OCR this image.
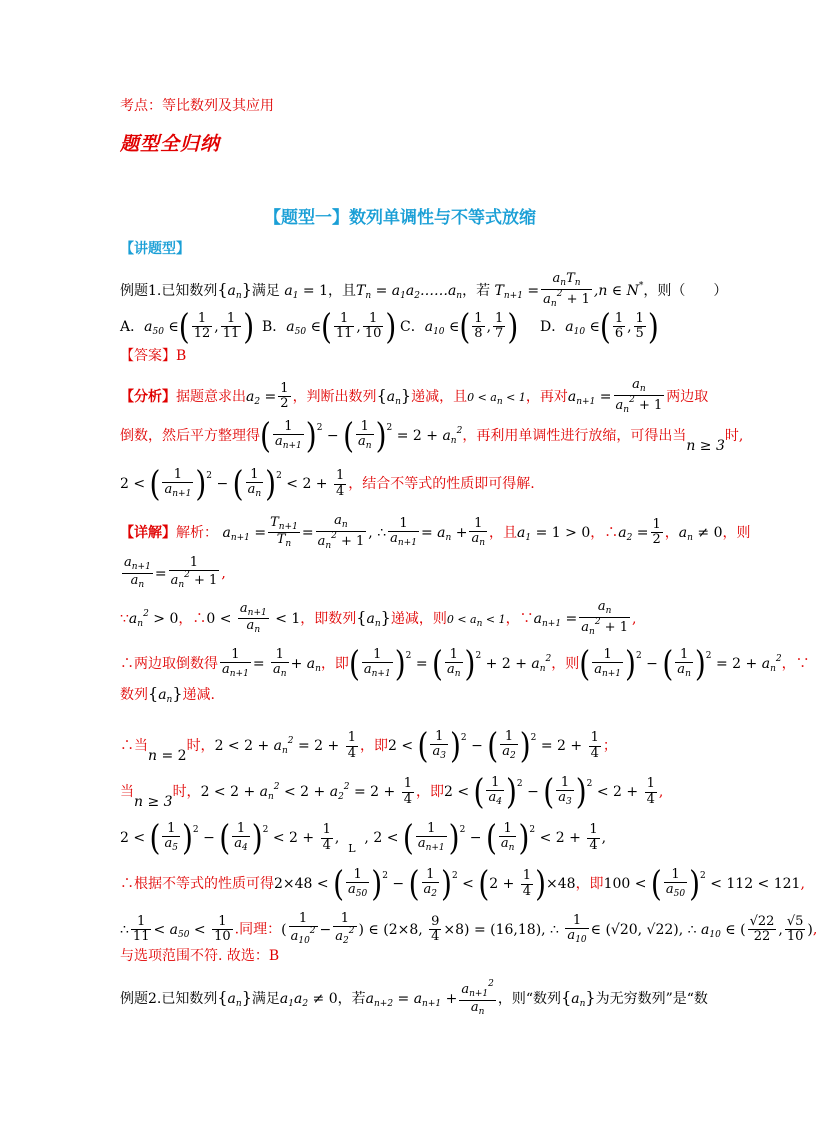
考点：等比数列及其应用
题型全归纳
【题型一】数列单调性与不等式放缩
【讲题型】
例题1.已知数列$\{a_n\}$满足 $a_1 = 1$，且$T_n$ = $a_1a_2\dots\dots a_n$，若 $T_{n+1} = \frac{a_nT_n}{a_n^2 + 1} ,n$ ∈ N*，则（　　）
A．$a_{50}$ ∈( $\frac{1}{12}$ , $\frac{1}{11}$ ) B．$a_{50}$ ∈( $\frac{1}{11}$ , $\frac{1}{10}$ ) C．$a_{10}$ ∈( $\frac{1}{8}$ , $\frac{1}{7}$ ) D．$a_{10}$ ∈( $\frac{1}{6}$ , $\frac{1}{5}$ )
【答案】B
【分析】据题意求出$a_2 = \frac{1}{2}$ ，判断出数列$\{a_n\}$递减，且$0 < a_n < 1$，再对$a_{n+1} = \frac{a_n}{a_n^2 + 1}$ 两边取
倒数，然后平方整理得( $\frac{1}{a_{n+1}} )2$ − ( $\frac{1}{a_n} )2 = 2 + a_n^2$，再利用单调性进行放缩，可得出当n ≥ 3时,
2 < ( $\frac{1}{a_{n+1}} )2$ − ( $\frac{1}{a_n} )2 < 2 + \frac{1}{4}$ ，结合不等式的性质即可得解.
【详解】解析： $a_{n+1} = \frac{T_{n+1}}{T_n} = \frac{a_n}{a_n^2 + 1}$ , ∴ $\frac{1}{a_{n+1}} = a_n + \frac{1}{a_n}$ ，且$a_1 = 1 > 0$，$\therefore a_2 = \frac{1}{2}$ ，$a_n \ne 0$，则
$\frac{a_{n+1}}{a_n} = \frac{1}{a_n^2 + 1}$ ,
$\because a_n^2 > 0$，∴0 < $\frac{a_{n+1}}{a_n} < 1$，即数列$\{a_n\}$递减，则$0 < a_n < 1$，$\because a_{n+1} = \frac{a_n}{a_n^2 + 1}$ ,
∴两边取倒数得 $\frac{1}{a_{n+1}} = \frac{1}{a_n} + a_n$，即( $\frac{1}{a_{n+1}} )2$ = ( $\frac{1}{a_n} )2 + 2 + a_n^2$，则( $\frac{1}{a_{n+1}} )2$ − ( $\frac{1}{a_n} )2 = 2 + a_n^2$，∵
数列$\{a_n\}$递减.
∴当n = 2时，$2 < 2 + a_n^2 = 2 + \frac{1}{4}$ ，即2 < ( $\frac{1}{a_3} )2$ − ( $\frac{1}{a_2} )2 = 2 + \frac{1}{4}$ ；
当n ≥ 3时，$2 < 2 + a_n^2 < 2 + a_2^2 = 2 + \frac{1}{4}$ ，即2 < ( $\frac{1}{a_4} )2$ − ( $\frac{1}{a_3} )2 < 2 + \frac{1}{4}$ ,
2 < ( $\frac{1}{a_5} )2$ − ( $\frac{1}{a_4} )2 < 2 + \frac{1}{4}$ ,  $_L$  , 2 < ( $\frac{1}{a_{n+1}} )2$ − ( $\frac{1}{a_n} )2 < 2 + \frac{1}{4}$ ,
∴根据不等式的性质可得2×48 < ( $\frac{1}{a_{50}} )2$ − ( $\frac{1}{a_2} )2 < (2 + \frac{1}{4} )\times 48$，即100 < ( $\frac{1}{a_{50}} )2 < 112 < 121$,
∴ $\frac{1}{11} < a_{50} < \frac{1}{10}$ .同理：( $\frac{1}{a_{10}^2} - \frac{1}{a_2^2}$ ) ∈ (2×8, $\frac{9}{4} \times 8) = (16,18)$, ∴ $\frac{1}{a_{10}}$ ∈ (√20, √22), ∴ $a_{10}$ ∈ ( $\frac{√22}{22}$ , $\frac{√5}{10}$ ),
与选项范围不符. 故选：B
例题2.已知数列$\{a_n\}$满足$a_1a_2 \ne 0$，若$a_{n+2} = a_{n+1} + \frac{a_{n+1}^2}{a_n}$ ，则“数列$\{a_n\}$为无穷数列”是“数
